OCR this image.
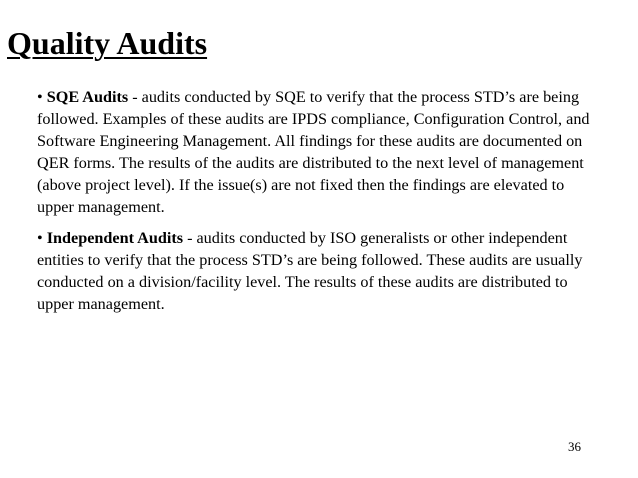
Quality Audits

• SQE Audits - audits conducted by SQE to verify that the process STD’s are being followed. Examples of these audits are IPDS compliance, Configuration Control, and Software Engineering Management. All findings for these audits are documented on QER forms. The results of the audits are distributed to the next level of management (above project level). If the issue(s) are not fixed then the findings are elevated to upper management.

• Independent Audits - audits conducted by ISO generalists or other independent entities to verify that the process STD’s are being followed. These audits are usually conducted on a division/facility level. The results of these audits are distributed to upper management.

36
